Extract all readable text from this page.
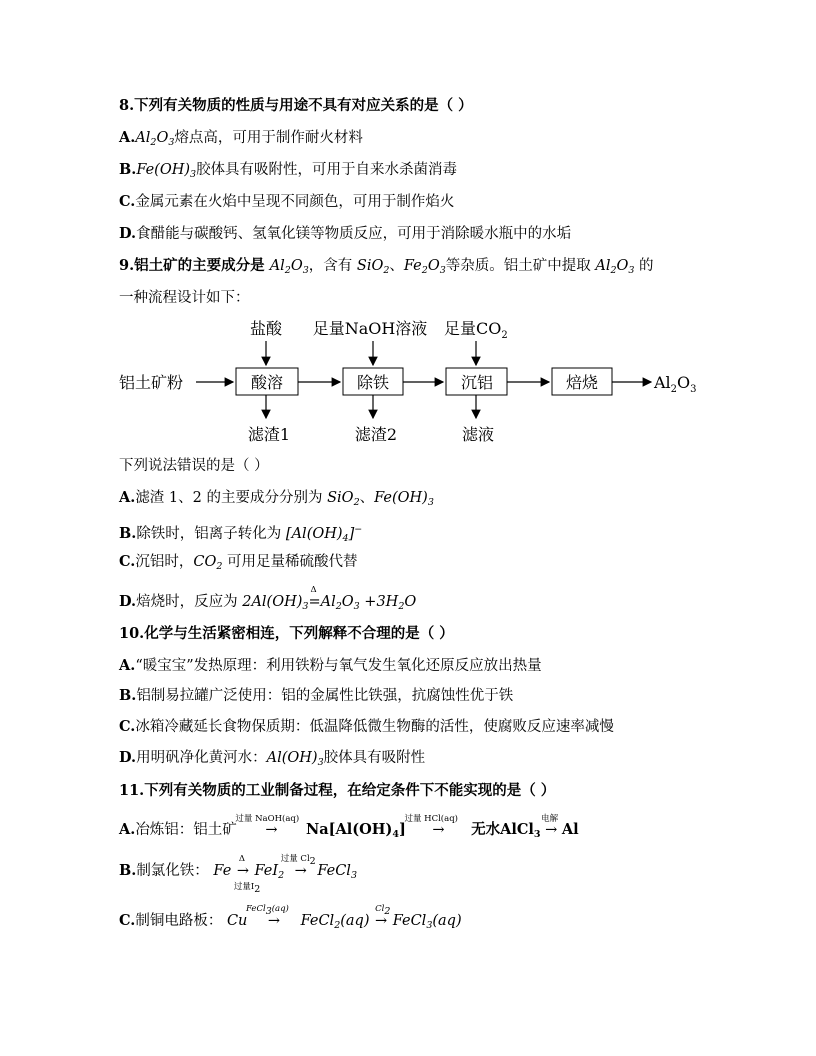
8.下列有关物质的性质与用途不具有对应关系的是（ ）
$A.Al_2O_3$熔点高，可用于制作耐火材料
$B.Fe(OH)_3$胶体具有吸附性，可用于自来水杀菌消毒
C.金属元素在火焰中呈现不同颜色，可用于制作焰火
D.食醋能与碳酸钙、氢氧化镁等物质反应，可用于消除暖水瓶中的水垢
9.铝土矿的主要成分是 $Al_2O_3$，含有 SiO$_2$、$Fe_2O_3$等杂质。铝土矿中提取 $Al_2O_3$ 的
一种流程设计如下：
铝土矿粉	酸溶	除铁	沉铝	焙烧	$Al_2O_3$
盐酸 足量NaOH溶液 足量$CO_2$
滤渣1	滤渣2	滤液
下列说法错误的是（ ）
A.滤渣 1、2 的主要成分分别为 SiO$_2$、$Fe(OH)_3$
B.除铁时，铝离子转化为 $[Al(OH)_4]^-$
C.沉铝时，$CO_2$ 可用足量稀硫酸代替
D.焙烧时，反应为 $2Al(OH)_3$
Δ
$=Al_2O_3 +3H_2O$
10.化学与生活紧密相连，下列解释不合理的是（ ）
A.“暖宝宝”发热原理：利用铁粉与氧气发生氧化还原反应放出热量
B.铝制易拉罐广泛使用：铝的金属性比铁强，抗腐蚀性优于铁
C.冰箱冷藏延长食物保质期：低温降低微生物酶的活性，使腐败反应速率减慢
D.用明矾净化黄河水：$Al(OH)_3$胶体具有吸附性
11.下列有关物质的工业制备过程，在给定条件下不能实现的是（ ）
A.冶炼铝：铝土矿
过量 NaOH(aq)
→ $Na[Al(OH)_4]$
过量 HCl(aq)
→ 无水AlCl$_3$
电解
→ Al
B.制氯化铁： Fe
Δ
→
过量$I_2$
FeI$_2$
过量 $Cl_2$
→ FeCl$_3$
C.制铜电路板： Cu
FeCl$_3$(aq)
→ FeCl$_2$(aq)
$Cl_2$
→ FeCl$_3$(aq)
